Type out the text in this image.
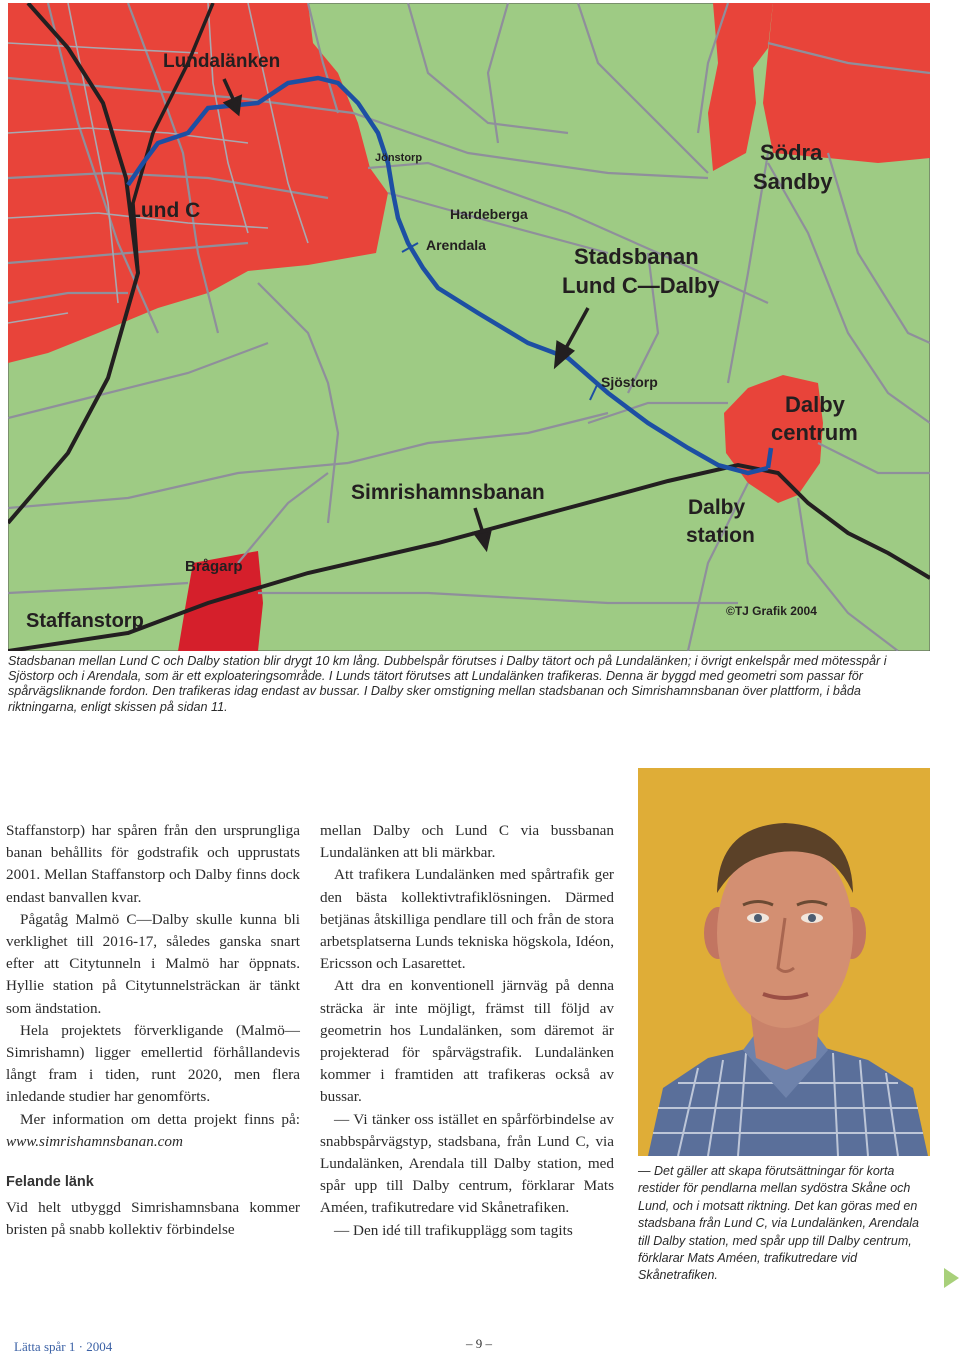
Lundalänken
Jönstorp	Södra
Sandby
Lund C	Hardeberga
Arendala	Stadsbanan
Lund C—Dalby
Sjöstorp
Dalby
centrum
Simrishamnsbanan
Dalby
station
Brågarp
Staffanstorp	©TJ Grafik 2004
Stadsbanan mellan Lund C och Dalby station blir drygt 10 km lång. Dubbelspår förutses i Dalby tätort och på Lundalänken; i övrigt enkelspår med mötesspår i Sjöstorp och i Arendala, som är ett exploateringsområde. I Lunds tätort förutses att Lundalänken trafikeras. Denna är byggd med geometri som passar för spårvägsliknande fordon. Den trafikeras idag endast av bussar. I Dalby sker omstigning mellan stadsbanan och Simrishamnsbanan över plattform, i båda riktningarna, enligt skissen på sidan 11.

Staffanstorp) har spåren från den ursprungliga banan behållits för godstrafik och upprustats 2001. Mellan Staffanstorp och Dalby finns dock endast banvallen kvar.

Pågatåg Malmö C—Dalby skulle kunna bli verklighet till 2016-17, således ganska snart efter att Citytunneln i Malmö har öppnats. Hyllie station på Citytunnelsträckan är tänkt som ändstation.

Hela projektets förverkligande (Malmö—Simrishamn) ligger emellertid förhållandevis långt fram i tiden, runt 2020, men flera inledande studier har genomförts.

Mer information om detta projekt finns på: www.simrishamnsbanan.com

Felande länk

Vid helt utbyggd Simrishamnsbana kommer bristen på snabb kollektiv förbindelse

mellan Dalby och Lund C via bussbanan Lundalänken att bli märkbar.

Att trafikera Lundalänken med spårtrafik ger den bästa kollektivtrafiklösningen. Därmed betjänas åtskilliga pendlare till och från de stora arbetsplatserna Lunds tekniska högskola, Idéon, Ericsson och Lasarettet.

Att dra en konventionell järnväg på denna sträcka är inte möjligt, främst till följd av geometrin hos Lundalänken, som däremot är projekterad för spårvägstrafik. Lundalänken kommer i framtiden att trafikeras också av bussar.

— Vi tänker oss istället en spårförbindelse av snabbspårvägstyp, stadsbana, från Lund C, via Lundalänken, Arendala till Dalby station, med spår upp till Dalby centrum, förklarar Mats Améen, trafikutredare vid Skånetrafiken.

— Den idé till trafikupplägg som tagits

— Det gäller att skapa förutsättningar för korta restider för pendlarna mellan sydöstra Skåne och Lund, och i motsatt riktning. Det kan göras med en stadsbana från Lund C, via Lundalänken, Arendala till Dalby station, med spår upp till Dalby centrum, förklarar Mats Améen, trafikutredare vid Skånetrafiken.
Lätta spår 1 · 2004	– 9 –
